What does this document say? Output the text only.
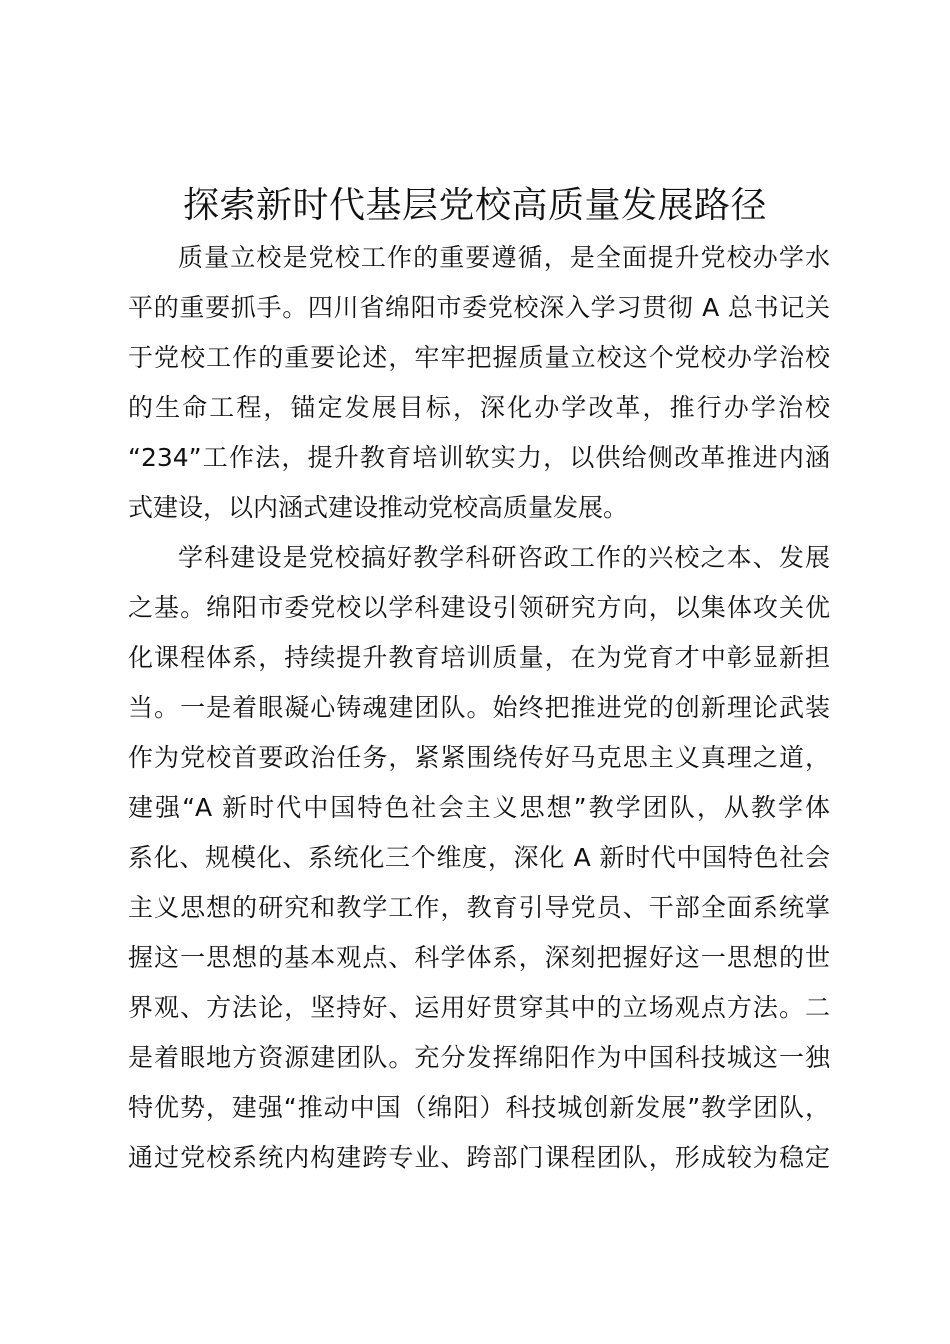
探索新时代基层党校高质量发展路径
质量立校是党校工作的重要遵循，是全面提升党校办学水
平的重要抓手。四川省绵阳市委党校深入学习贯彻 A 总书记关
于党校工作的重要论述，牢牢把握质量立校这个党校办学治校
的生命工程，锚定发展目标，深化办学改革，推行办学治校
“234”工作法，提升教育培训软实力，以供给侧改革推进内涵
式建设，以内涵式建设推动党校高质量发展。
学科建设是党校搞好教学科研咨政工作的兴校之本、发展
之基。绵阳市委党校以学科建设引领研究方向，以集体攻关优
化课程体系，持续提升教育培训质量，在为党育才中彰显新担
当。一是着眼凝心铸魂建团队。始终把推进党的创新理论武装
作为党校首要政治任务，紧紧围绕传好马克思主义真理之道，
建强“A 新时代中国特色社会主义思想”教学团队，从教学体
系化、规模化、系统化三个维度，深化 A 新时代中国特色社会
主义思想的研究和教学工作，教育引导党员、干部全面系统掌
握这一思想的基本观点、科学体系，深刻把握好这一思想的世
界观、方法论，坚持好、运用好贯穿其中的立场观点方法。二
是着眼地方资源建团队。充分发挥绵阳作为中国科技城这一独
特优势，建强“推动中国（绵阳）科技城创新发展”教学团队，
通过党校系统内构建跨专业、跨部门课程团队，形成较为稳定
